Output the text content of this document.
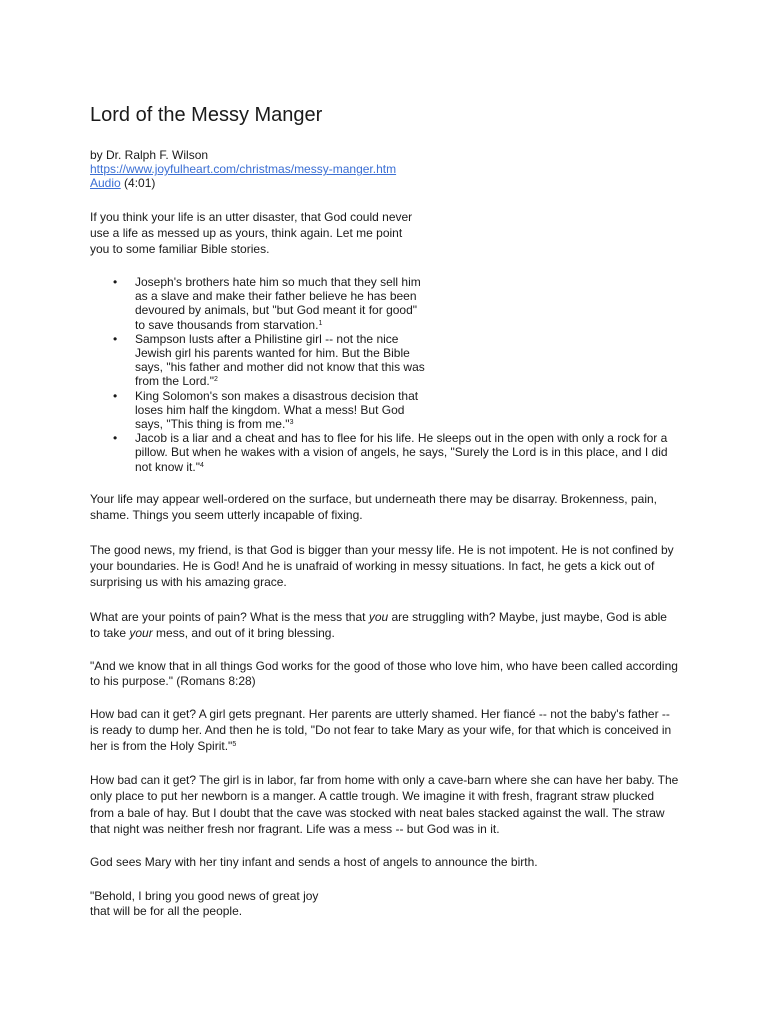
Lord of the Messy Manger
by Dr. Ralph F. Wilson
https://www.joyfulheart.com/christmas/messy-manger.htm
Audio (4:01)

If you think your life is an utter disaster, that God could never use a life as messed up as yours, think again. Let me point you to some familiar Bible stories.

• Joseph's brothers hate him so much that they sell him as a slave and make their father believe he has been devoured by animals, but "but God meant it for good" to save thousands from starvation.$^1$
• Sampson lusts after a Philistine girl -- not the nice Jewish girl his parents wanted for him. But the Bible says, "his father and mother did not know that this was from the Lord."$^2$
• King Solomon's son makes a disastrous decision that loses him half the kingdom. What a mess! But God says, "This thing is from me."$^3$
• Jacob is a liar and a cheat and has to flee for his life. He sleeps out in the open with only a rock for a pillow. But when he wakes with a vision of angels, he says, "Surely the Lord is in this place, and I did not know it."$^4$

Your life may appear well-ordered on the surface, but underneath there may be disarray. Brokenness, pain, shame. Things you seem utterly incapable of fixing.

The good news, my friend, is that God is bigger than your messy life. He is not impotent. He is not confined by your boundaries. He is God! And he is unafraid of working in messy situations. In fact, he gets a kick out of surprising us with his amazing grace.

What are your points of pain? What is the mess that you are struggling with? Maybe, just maybe, God is able to take your mess, and out of it bring blessing.

"And we know that in all things God works for the good of those who love him, who have been called according to his purpose." (Romans 8:28)

How bad can it get? A girl gets pregnant. Her parents are utterly shamed. Her fiancé -- not the baby's father -- is ready to dump her. And then he is told, "Do not fear to take Mary as your wife, for that which is conceived in her is from the Holy Spirit."$^5$

How bad can it get? The girl is in labor, far from home with only a cave-barn where she can have her baby. The only place to put her newborn is a manger. A cattle trough. We imagine it with fresh, fragrant straw plucked from a bale of hay. But I doubt that the cave was stocked with neat bales stacked against the wall. The straw that night was neither fresh nor fragrant. Life was a mess -- but God was in it.

God sees Mary with her tiny infant and sends a host of angels to announce the birth.

"Behold, I bring you good news of great joy
that will be for all the people.
